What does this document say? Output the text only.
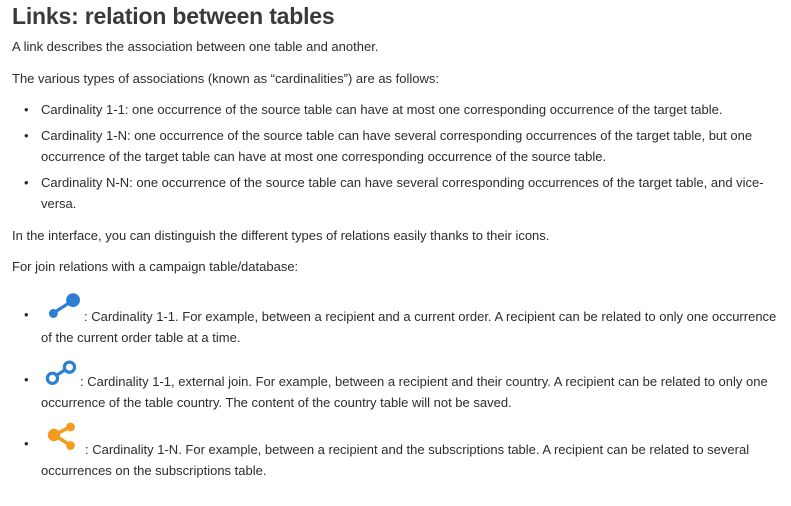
Links: relation between tables

A link describes the association between one table and another.

The various types of associations (known as “cardinalities”) are as follows:

• Cardinality 1-1: one occurrence of the source table can have at most one corresponding occurrence of the target table.
• Cardinality 1-N: one occurrence of the source table can have several corresponding occurrences of the target table, but one occurrence of the target table can have at most one corresponding occurrence of the source table.
• Cardinality N-N: one occurrence of the source table can have several corresponding occurrences of the target table, and vice-versa.

In the interface, you can distinguish the different types of relations easily thanks to their icons.

For join relations with a campaign table/database:

•	: Cardinality 1-1. For example, between a recipient and a current order. A recipient can be related to only one occurrence of the current order table at a time.
•	: Cardinality 1-1, external join. For example, between a recipient and their country. A recipient can be related to only one occurrence of the table country. The content of the country table will not be saved.
•	: Cardinality 1-N. For example, between a recipient and the subscriptions table. A recipient can be related to several occurrences on the subscriptions table.
